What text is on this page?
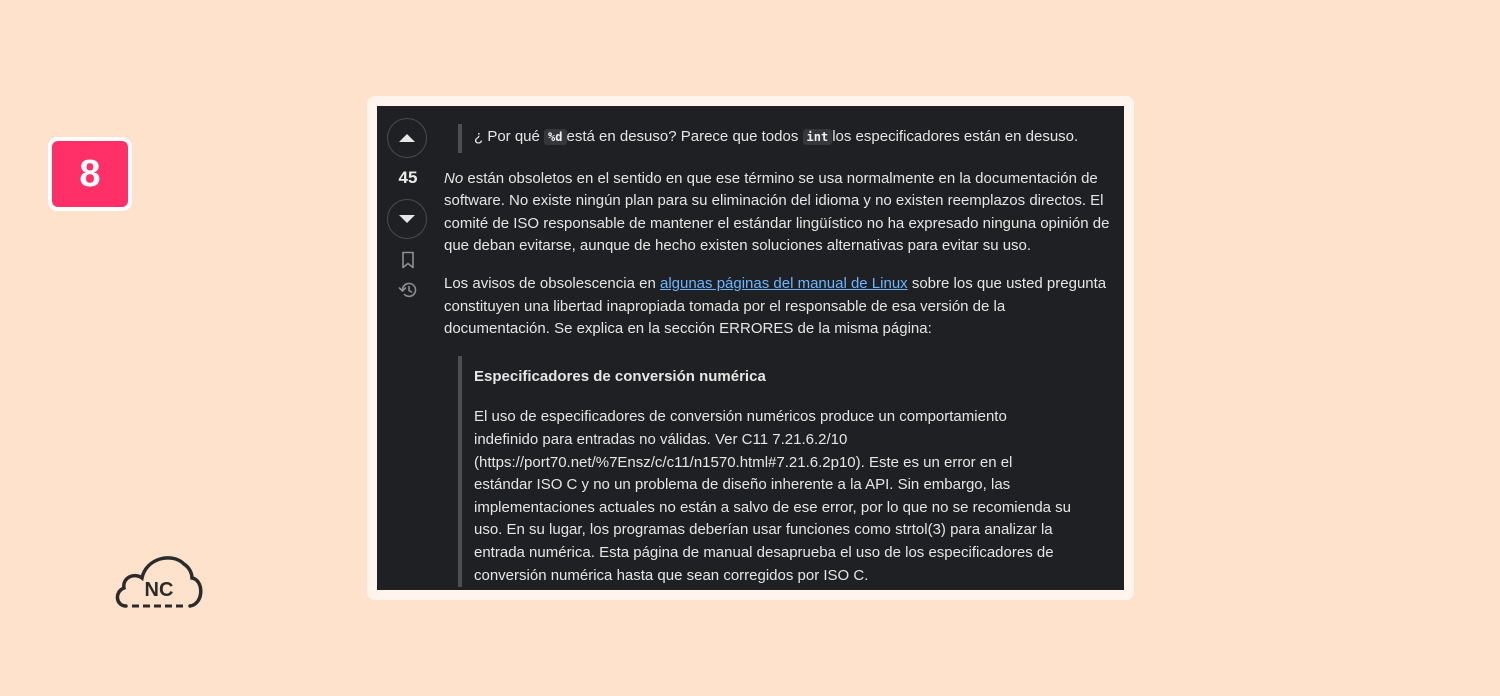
8
NC
45
¿ Por qué %d está en desuso? Parece que todos int los especificadores están en desuso.

No están obsoletos en el sentido en que ese término se usa normalmente en la documentación de software. No existe ningún plan para su eliminación del idioma y no existen reemplazos directos. El comité de ISO responsable de mantener el estándar lingüístico no ha expresado ninguna opinión de que deban evitarse, aunque de hecho existen soluciones alternativas para evitar su uso.

Los avisos de obsolescencia en algunas páginas del manual de Linux sobre los que usted pregunta constituyen una libertad inapropiada tomada por el responsable de esa versión de la documentación. Se explica en la sección ERRORES de la misma página:

Especificadores de conversión numérica

El uso de especificadores de conversión numéricos produce un comportamiento indefinido para entradas no válidas. Ver C11 7.21.6.2/10 (https://port70.net/%7Ensz/c/c11/n1570.html#7.21.6.2p10). Este es un error en el estándar ISO C y no un problema de diseño inherente a la API. Sin embargo, las implementaciones actuales no están a salvo de ese error, por lo que no se recomienda su uso. En su lugar, los programas deberían usar funciones como strtol(3) para analizar la entrada numérica. Esta página de manual desaprueba el uso de los especificadores de conversión numérica hasta que sean corregidos por ISO C.
